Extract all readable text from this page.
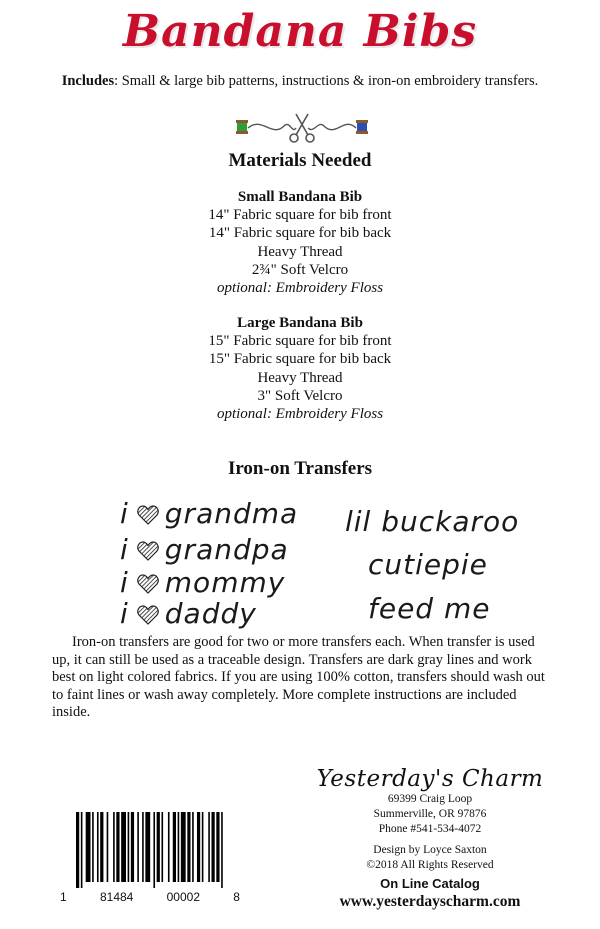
Bandana Bibs
Includes: Small & large bib patterns, instructions & iron-on embroidery transfers.
Materials Needed
Small Bandana Bib
14" Fabric square for bib front
14" Fabric square for bib back
Heavy Thread
2¾" Soft Velcro
optional: Embroidery Floss
Large Bandana Bib
15" Fabric square for bib front
15" Fabric square for bib back
Heavy Thread
3" Soft Velcro
optional: Embroidery Floss
Iron-on Transfers
i grandma
i grandpa
i mommy
i daddy
lil buckaroo
cutiepie
feed me
Iron-on transfers are good for two or more transfers each. When transfer is used up, it can still be used as a traceable design. Transfers are dark gray lines and work best on light colored fabrics. If you are using 100% cotton, transfers should wash out to faint lines or wash away completely. More complete instructions are included inside.
1	81484	00002	8
Yesterday's Charm
69399 Craig Loop
Summerville, OR 97876
Phone #541-534-4072
Design by Loyce Saxton
©2018 All Rights Reserved
On Line Catalog
www.yesterdayscharm.com
